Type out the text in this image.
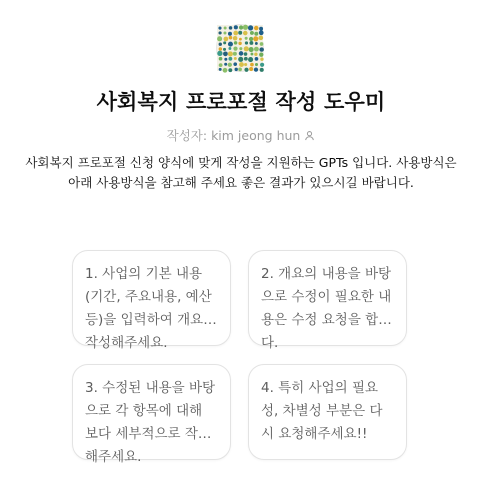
사회복지 프로포절 작성 도우미
작성자: kim jeong hun
사회복지 프로포절 신청 양식에 맞게 작성을 지원하는 GPTs 입니다. 사용방식은
아래 사용방식을 참고해 주세요 좋은 결과가 있으시길 바랍니다.
1. 사업의 기본 내용(기간, 주요내용, 예산 등)을 입력하여 개요를 작성해주세요.
2. 개요의 내용을 바탕으로 수정이 필요한 내용은 수정 요청을 합니다.
3. 수정된 내용을 바탕으로 각 항목에 대해 보다 세부적으로 작성해주세요.
4. 특히 사업의 필요성, 차별성 부분은 다시 요청해주세요!!
